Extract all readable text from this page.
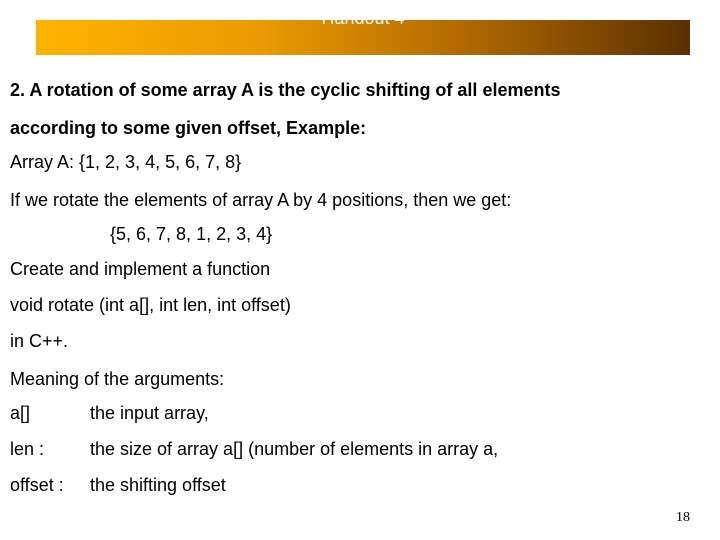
Handout 4
2. A rotation of some array A is the cyclic shifting of all elements
according to some given offset, Example:
Array A: {1, 2, 3, 4, 5, 6, 7, 8}
If we rotate the elements of array A by 4 positions, then we get:
{5, 6, 7, 8, 1, 2, 3, 4}
Create and implement a function
void rotate (int a[], int len, int offset)
in C++.
Meaning of the arguments:
a[]	the input array,
len :	the size of array a[] (number of elements in array a,
offset : the shifting offset
18
